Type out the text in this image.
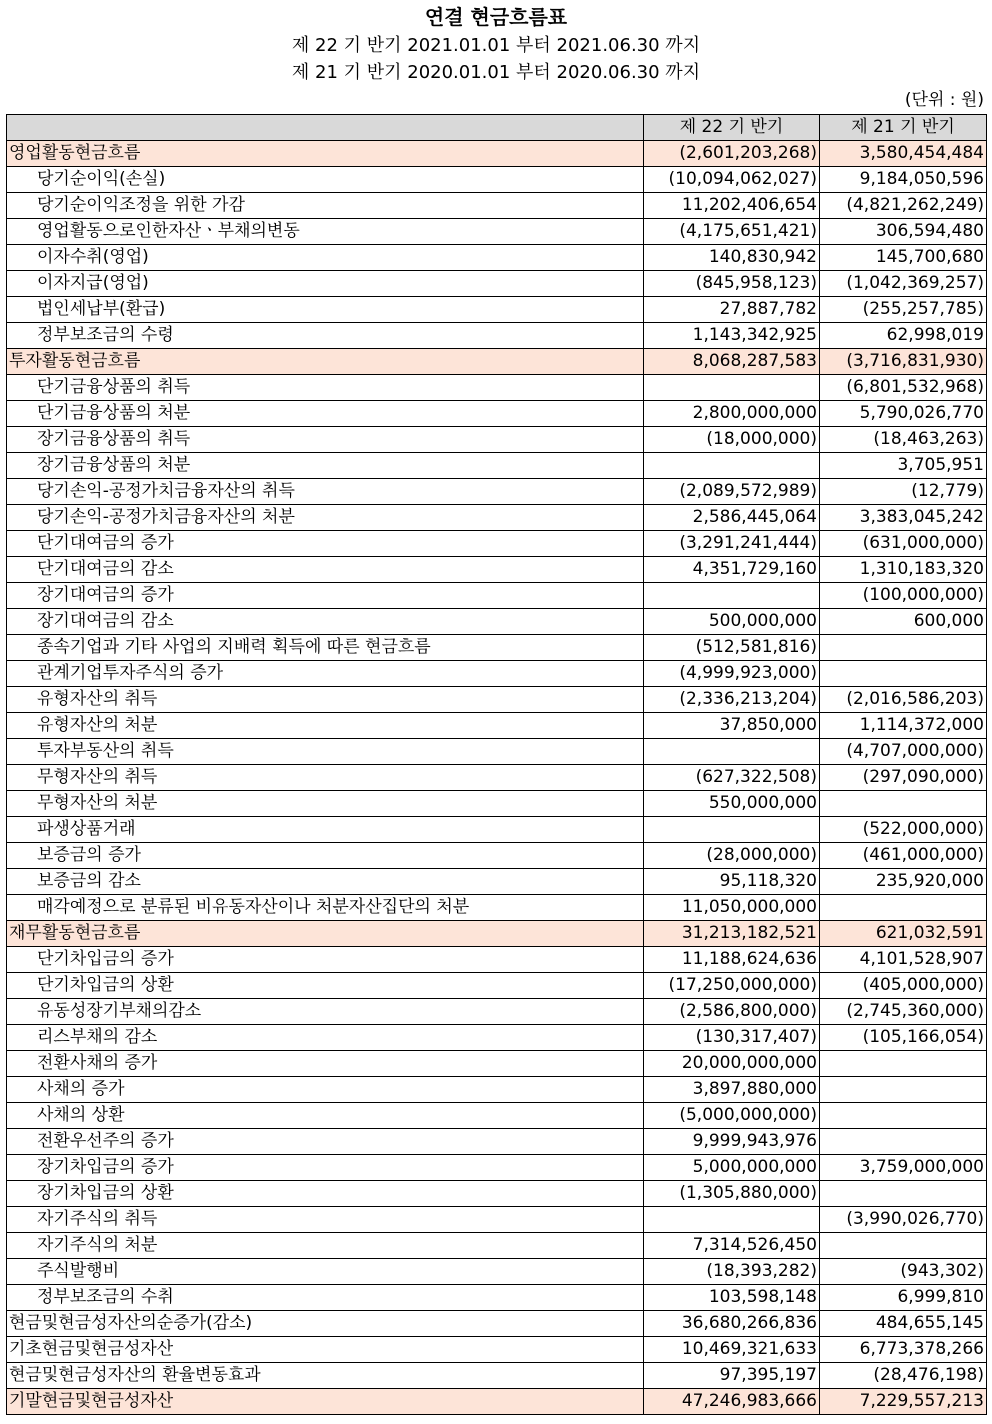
연결 현금흐름표
제 22 기 반기 2021.01.01 부터 2021.06.30 까지
제 21 기 반기 2020.01.01 부터 2020.06.30 까지
(단위 : 원)
	제 22 기 반기	제 21 기 반기
영업활동현금흐름	(2,601,203,268)	3,580,454,484
당기순이익(손실)	(10,094,062,027)	9,184,050,596
당기순이익조정을 위한 가감	11,202,406,654	(4,821,262,249)
영업활동으로인한자산ㆍ부채의변동	(4,175,651,421)	306,594,480
이자수취(영업)	140,830,942	145,700,680
이자지급(영업)	(845,958,123)	(1,042,369,257)
법인세납부(환급)	27,887,782	(255,257,785)
정부보조금의 수령	1,143,342,925	62,998,019
투자활동현금흐름	8,068,287,583	(3,716,831,930)
단기금융상품의 취득		(6,801,532,968)
단기금융상품의 처분	2,800,000,000	5,790,026,770
장기금융상품의 취득	(18,000,000)	(18,463,263)
장기금융상품의 처분		3,705,951
당기손익-공정가치금융자산의 취득	(2,089,572,989)	(12,779)
당기손익-공정가치금융자산의 처분	2,586,445,064	3,383,045,242
단기대여금의 증가	(3,291,241,444)	(631,000,000)
단기대여금의 감소	4,351,729,160	1,310,183,320
장기대여금의 증가		(100,000,000)
장기대여금의 감소	500,000,000	600,000
종속기업과 기타 사업의 지배력 획득에 따른 현금흐름	(512,581,816)	
관계기업투자주식의 증가	(4,999,923,000)	
유형자산의 취득	(2,336,213,204)	(2,016,586,203)
유형자산의 처분	37,850,000	1,114,372,000
투자부동산의 취득		(4,707,000,000)
무형자산의 취득	(627,322,508)	(297,090,000)
무형자산의 처분	550,000,000	
파생상품거래		(522,000,000)
보증금의 증가	(28,000,000)	(461,000,000)
보증금의 감소	95,118,320	235,920,000
매각예정으로 분류된 비유동자산이나 처분자산집단의 처분	11,050,000,000	
재무활동현금흐름	31,213,182,521	621,032,591
단기차입금의 증가	11,188,624,636	4,101,528,907
단기차입금의 상환	(17,250,000,000)	(405,000,000)
유동성장기부채의감소	(2,586,800,000)	(2,745,360,000)
리스부채의 감소	(130,317,407)	(105,166,054)
전환사채의 증가	20,000,000,000	
사채의 증가	3,897,880,000	
사채의 상환	(5,000,000,000)	
전환우선주의 증가	9,999,943,976	
장기차입금의 증가	5,000,000,000	3,759,000,000
장기차입금의 상환	(1,305,880,000)	
자기주식의 취득		(3,990,026,770)
자기주식의 처분	7,314,526,450	
주식발행비	(18,393,282)	(943,302)
정부보조금의 수취	103,598,148	6,999,810
현금및현금성자산의순증가(감소)	36,680,266,836	484,655,145
기초현금및현금성자산	10,469,321,633	6,773,378,266
현금및현금성자산의 환율변동효과	97,395,197	(28,476,198)
기말현금및현금성자산	47,246,983,666	7,229,557,213
